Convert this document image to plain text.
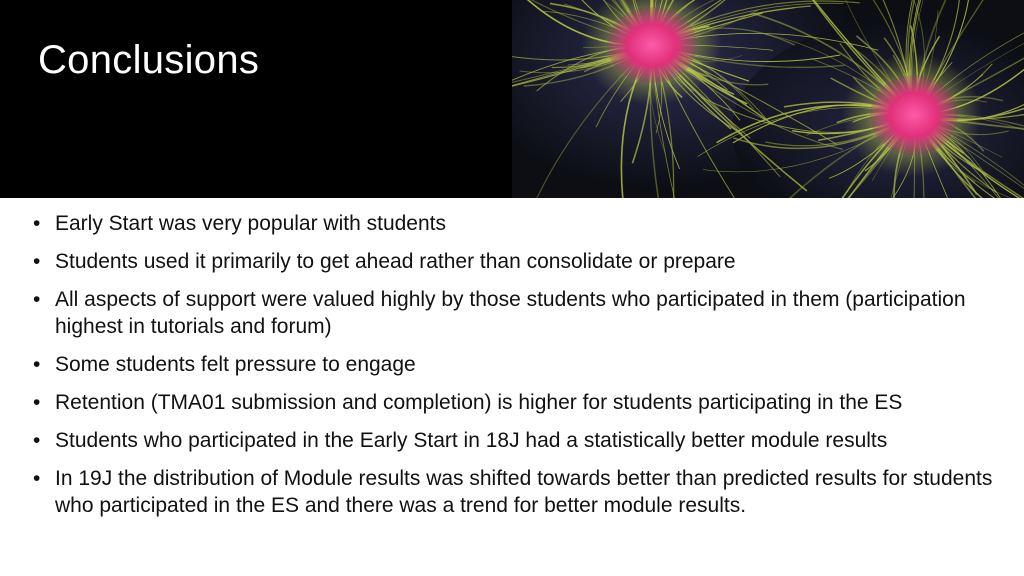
Conclusions
• Early Start was very popular with students
• Students used it primarily to get ahead rather than consolidate or prepare
• All aspects of support were valued highly by those students who participated in them (participation highest in tutorials and forum)
• Some students felt pressure to engage
• Retention (TMA01 submission and completion) is higher for students participating in the ES
• Students who participated in the Early Start in 18J had a statistically better module results
• In 19J the distribution of Module results was shifted towards better than predicted results for students who participated in the ES and there was a trend for better module results.
